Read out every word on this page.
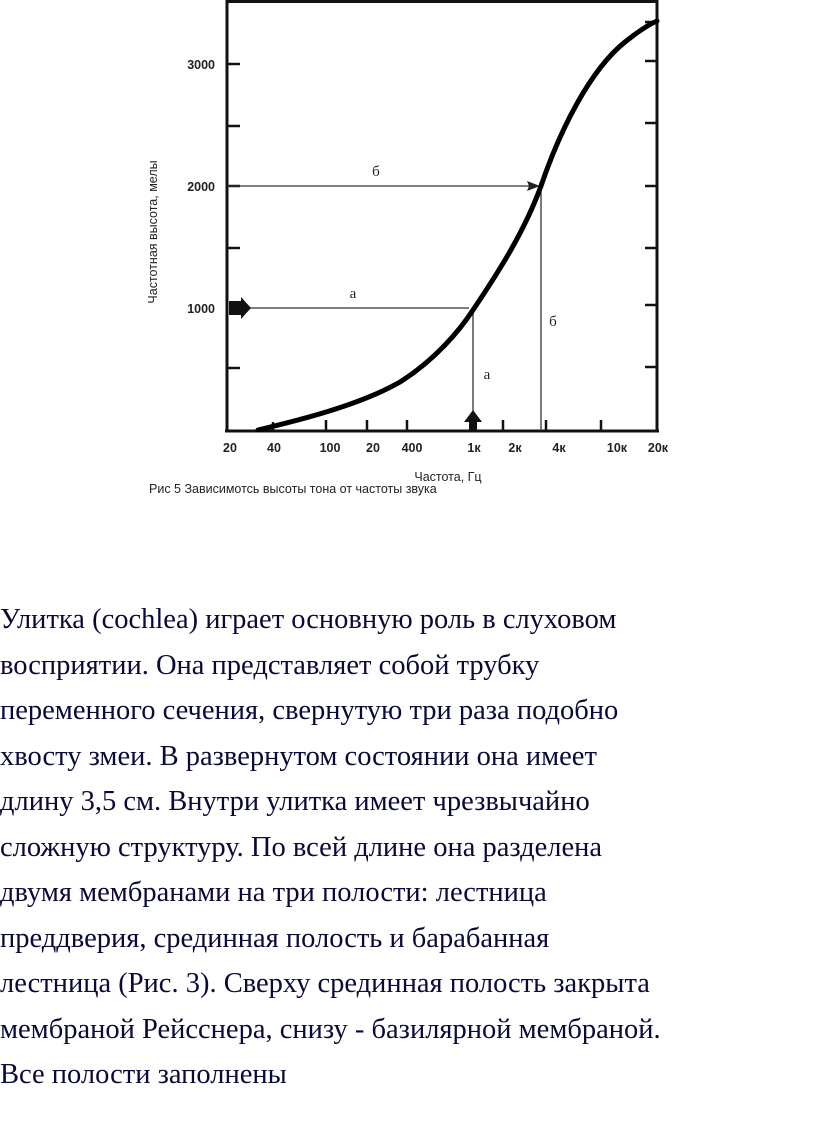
3000
2000
1000
20 40	100 20 400	1к 2к 4к	10к 20к
Частота, Гц
Частотная высота, мелы	б
б
а
а
Рис 5 Зависимотсь высоты тона от частоты звука
Улитка (cochlea) играет основную роль в слуховом
восприятии. Она представляет собой трубку
переменного сечения, свернутую три раза подобно
хвосту змеи. В развернутом состоянии она имеет
длину 3,5 см. Внутри улитка имеет чрезвычайно
сложную структуру. По всей длине она разделена
двумя мембранами на три полости: лестница
преддверия, срединная полость и барабанная
лестница (Рис. 3). Сверху срединная полость закрыта
мембраной Рейсснера, снизу - базилярной мембраной.
Все полости заполнены
